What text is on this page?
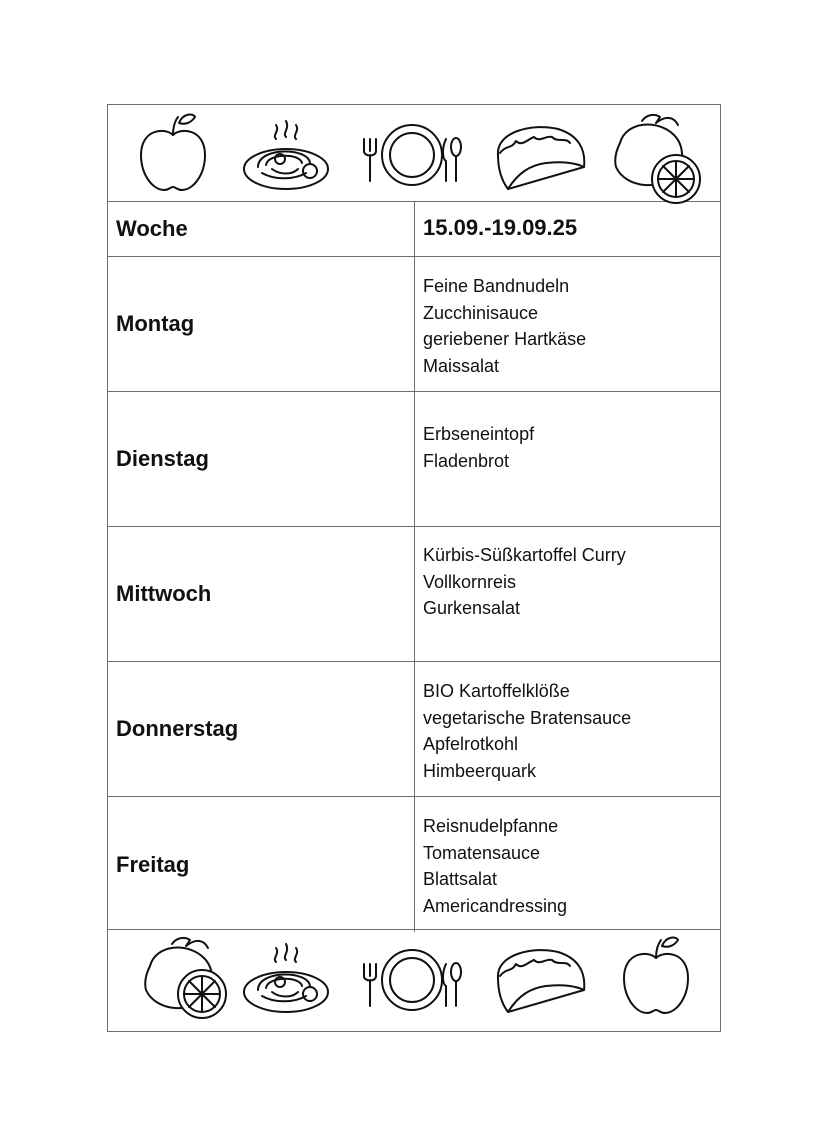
Woche	15.09.-19.09.25
Montag
Feine Bandnudeln
Zucchinisauce
geriebener Hartkäse
Maissalat
Dienstag
Erbseneintopf
Fladenbrot
Mittwoch
Kürbis-Süßkartoffel Curry
Vollkornreis
Gurkensalat
Donnerstag
BIO Kartoffelklöße
vegetarische Bratensauce
Apfelrotkohl
Himbeerquark
Freitag
Reisnudelpfanne
Tomatensauce
Blattsalat
Americandressing
